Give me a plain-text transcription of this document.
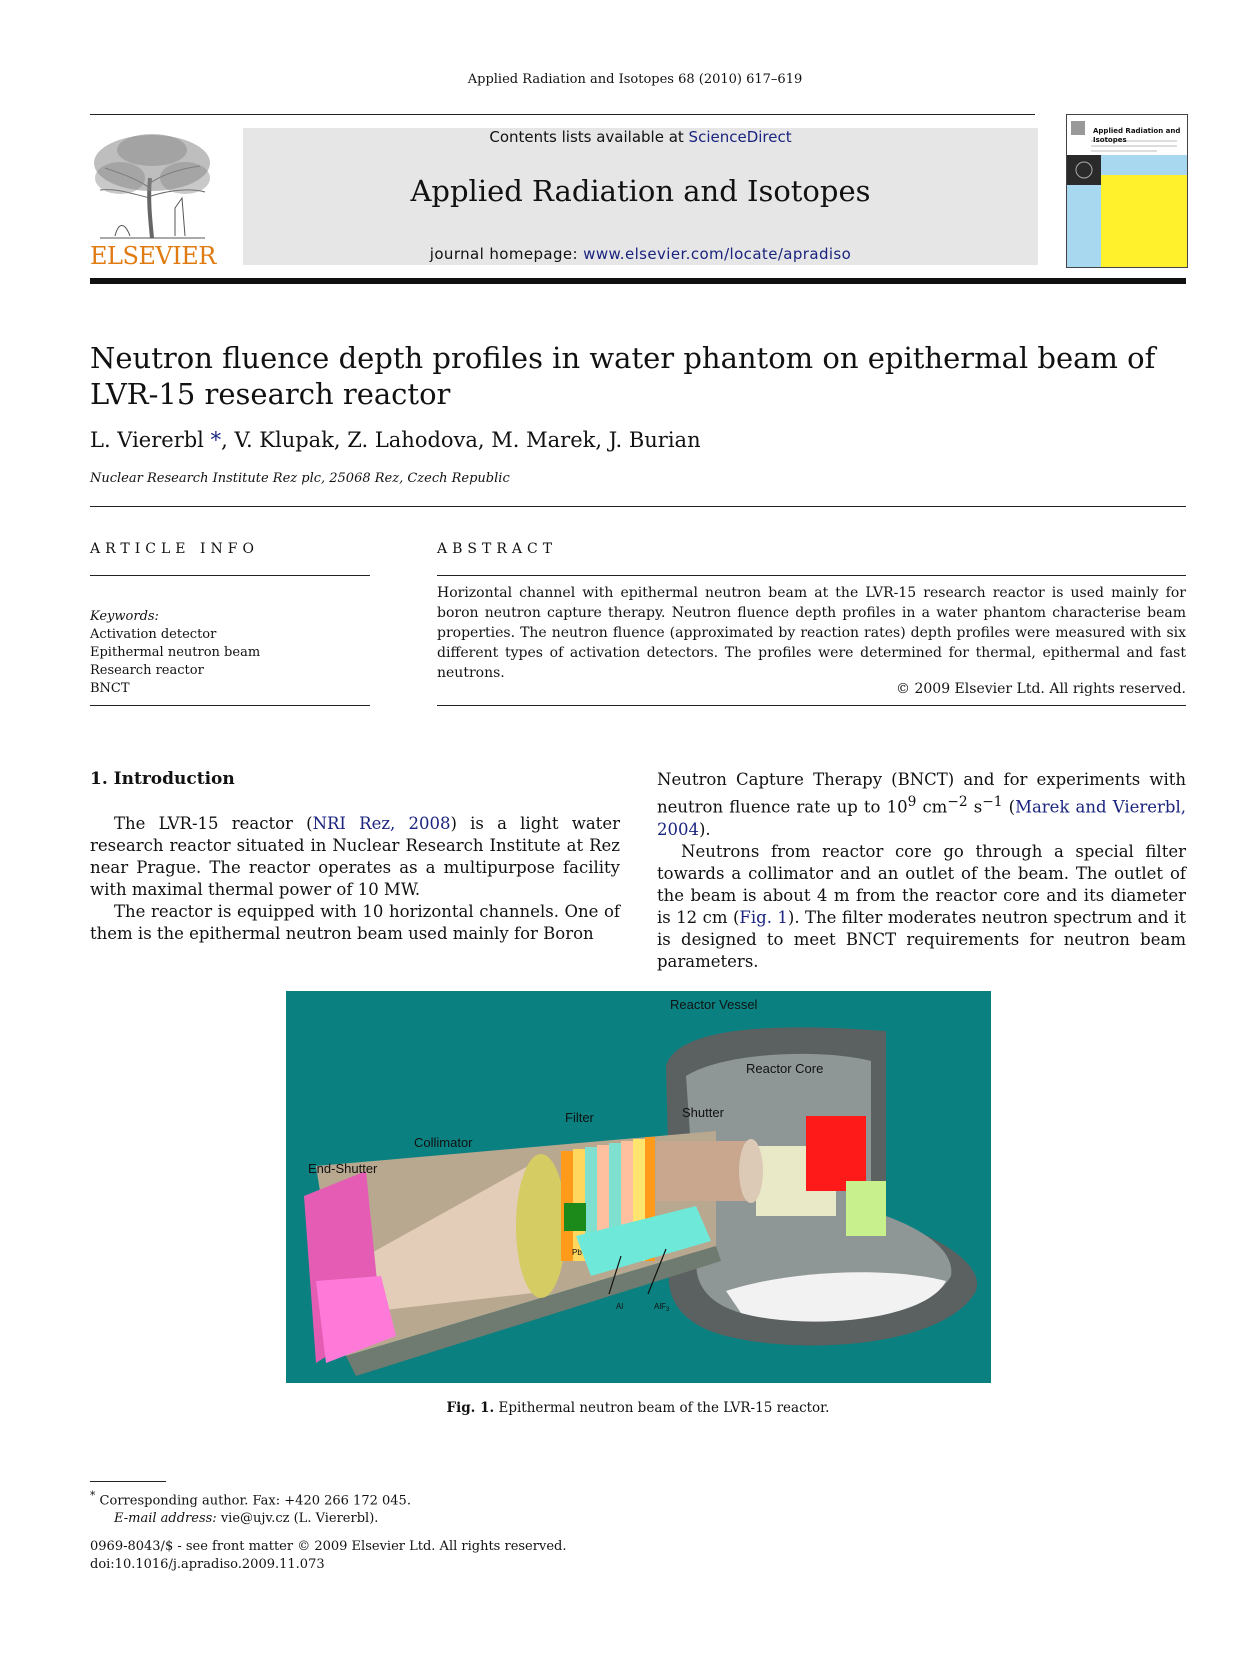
Applied Radiation and Isotopes 68 (2010) 617–619
ELSEVIER
Contents lists available at ScienceDirect
Applied Radiation and Isotopes
journal homepage: www.elsevier.com/locate/apradiso
Applied Radiation and Isotopes
Neutron fluence depth profiles in water phantom on epithermal beam of LVR-15 research reactor
L. Viererbl *, V. Klupak, Z. Lahodova, M. Marek, J. Burian
Nuclear Research Institute Rez plc, 25068 Rez, Czech Republic
ARTICLE INFO	ABSTRACT
Keywords:
Activation detector
Epithermal neutron beam
Research reactor
BNCT
Horizontal channel with epithermal neutron beam at the LVR-15 research reactor is used mainly for boron neutron capture therapy. Neutron fluence depth profiles in a water phantom characterise beam properties. The neutron fluence (approximated by reaction rates) depth profiles were measured with six different types of activation detectors. The profiles were determined for thermal, epithermal and fast neutrons.
© 2009 Elsevier Ltd. All rights reserved.
1. Introduction

The LVR-15 reactor (NRI Rez, 2008) is a light water research reactor situated in Nuclear Research Institute at Rez near Prague. The reactor operates as a multipurpose facility with maximal thermal power of 10 MW.

The reactor is equipped with 10 horizontal channels. One of them is the epithermal neutron beam used mainly for Boron

Neutron Capture Therapy (BNCT) and for experiments with neutron fluence rate up to $10^9$ $cm^{-2}$ $s^{-1}$ (Marek and Viererbl, 2004).

Neutrons from reactor core go through a special filter towards a collimator and an outlet of the beam. The outlet of the beam is about 4 m from the reactor core and its diameter is 12 cm (Fig. 1). The filter moderates neutron spectrum and it is designed to meet BNCT requirements for neutron beam parameters.

Reactor Vessel
Reactor Core
Shutter
Filter
Collimator
End-Shutter
Pb
Al	AlF$_3$
Fig. 1. Epithermal neutron beam of the LVR-15 reactor.
* Corresponding author. Fax: +420 266 172 045.
E-mail address: vie@ujv.cz (L. Viererbl).
0969-8043/$ - see front matter © 2009 Elsevier Ltd. All rights reserved.
doi:10.1016/j.apradiso.2009.11.073
